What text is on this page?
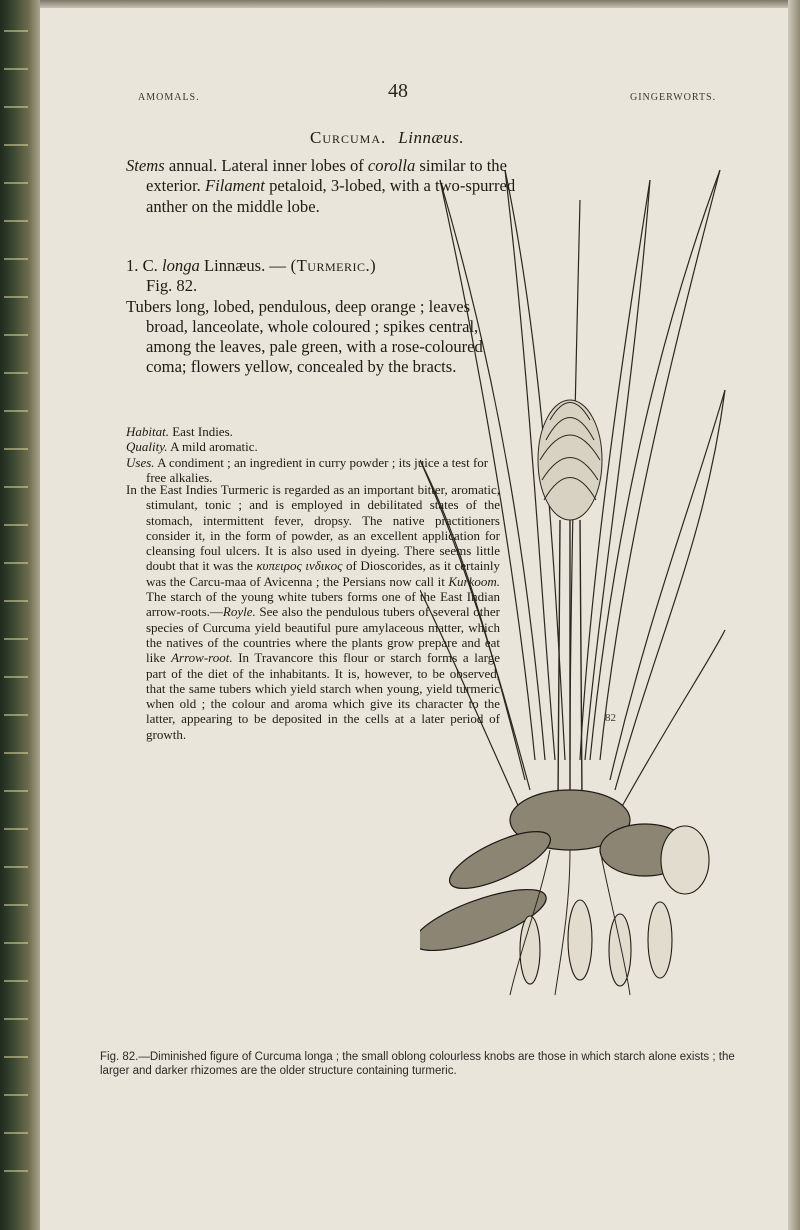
AMOMALS.	48	GINGERWORTS.
Curcuma. Linnæus.
82

Stems annual. Lateral inner lobes of corolla similar to the exterior. Filament petaloid, 3-lobed, with a two-spurred anther on the middle lobe.

1. C. longa Linnæus. — (Turmeric.)
Fig. 82.

Tubers long, lobed, pendulous, deep orange ; leaves broad, lanceolate, whole coloured ; spikes central, among the leaves, pale green, with a rose-coloured coma; flowers yellow, concealed by the bracts.

Habitat. East Indies.

Quality. A mild aromatic.

Uses. A condiment ; an ingredient in curry powder ; its juice a test for free alkalies.

In the East Indies Turmeric is regarded as an important bitter, aromatic, stimulant, tonic ; and is employed in debilitated states of the stomach, intermittent fever, dropsy. The native practitioners consider it, in the form of powder, as an excellent application for cleansing foul ulcers. It is also used in dyeing. There seems little doubt that it was the κυπειρος ινδικος of Dioscorides, as it certainly was the Carcu-maa of Avicenna ; the Persians now call it Kurkoom. The starch of the young white tubers forms one of the East Indian arrow-roots.—Royle. See also the pendulous tubers of several other species of Curcuma yield beautiful pure amylaceous matter, which the natives of the countries where the plants grow prepare and eat like Arrow-root. In Travancore this flour or starch forms a large part of the diet of the inhabitants. It is, however, to be observed, that the same tubers which yield starch when young, yield turmeric when old ; the colour and aroma which give its character to the latter, appearing to be deposited in the cells at a later period of growth.

Fig. 82.—Diminished figure of Curcuma longa ; the small oblong colourless knobs are those in which starch alone exists ; the larger and darker rhizomes are the older structure containing turmeric.
